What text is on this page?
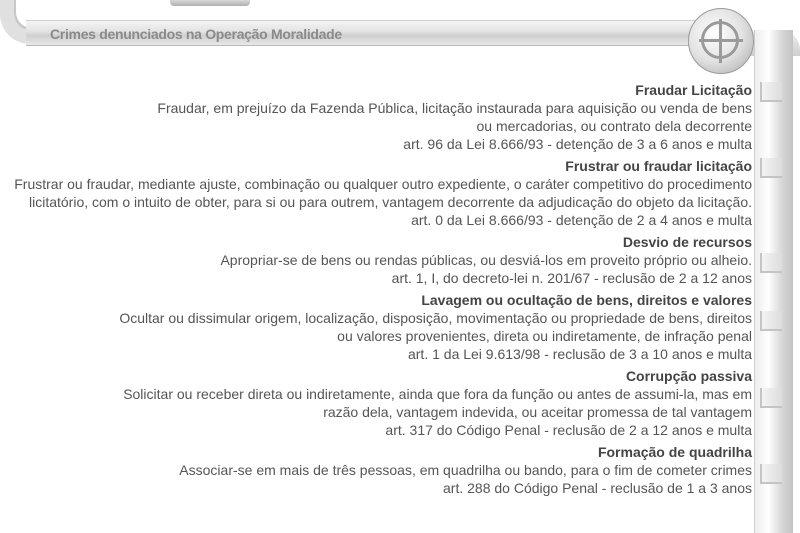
Crimes denunciados na Operação Moralidade
Fraudar Licitação
Fraudar, em prejuízo da Fazenda Pública, licitação instaurada para aquisição ou venda de bens ou mercadorias, ou contrato dela decorrente
art. 96 da Lei 8.666/93 - detenção de 3 a 6 anos e multa
Frustrar ou fraudar licitação
Frustrar ou fraudar, mediante ajuste, combinação ou qualquer outro expediente, o caráter competitivo do procedimento licitatório, com o intuito de obter, para si ou para outrem, vantagem decorrente da adjudicação do objeto da licitação.
art. 0 da Lei 8.666/93 - detenção de 2 a 4 anos e multa
Desvio de recursos
Apropriar-se de bens ou rendas públicas, ou desviá-los em proveito próprio ou alheio.
art. 1, I, do decreto-lei n. 201/67 - reclusão de 2 a 12 anos
Lavagem ou ocultação de bens, direitos e valores
Ocultar ou dissimular origem, localização, disposição, movimentação ou propriedade de bens, direitos ou valores provenientes, direta ou indiretamente, de infração penal
art. 1 da Lei 9.613/98 - reclusão de 3 a 10 anos e multa
Corrupção passiva
Solicitar ou receber direta ou indiretamente, ainda que fora da função ou antes de assumi-la, mas em razão dela, vantagem indevida, ou aceitar promessa de tal vantagem
art. 317 do Código Penal - reclusão de 2 a 12 anos e multa
Formação de quadrilha
Associar-se em mais de três pessoas, em quadrilha ou bando, para o fim de cometer crimes
art. 288 do Código Penal - reclusão de 1 a 3 anos
